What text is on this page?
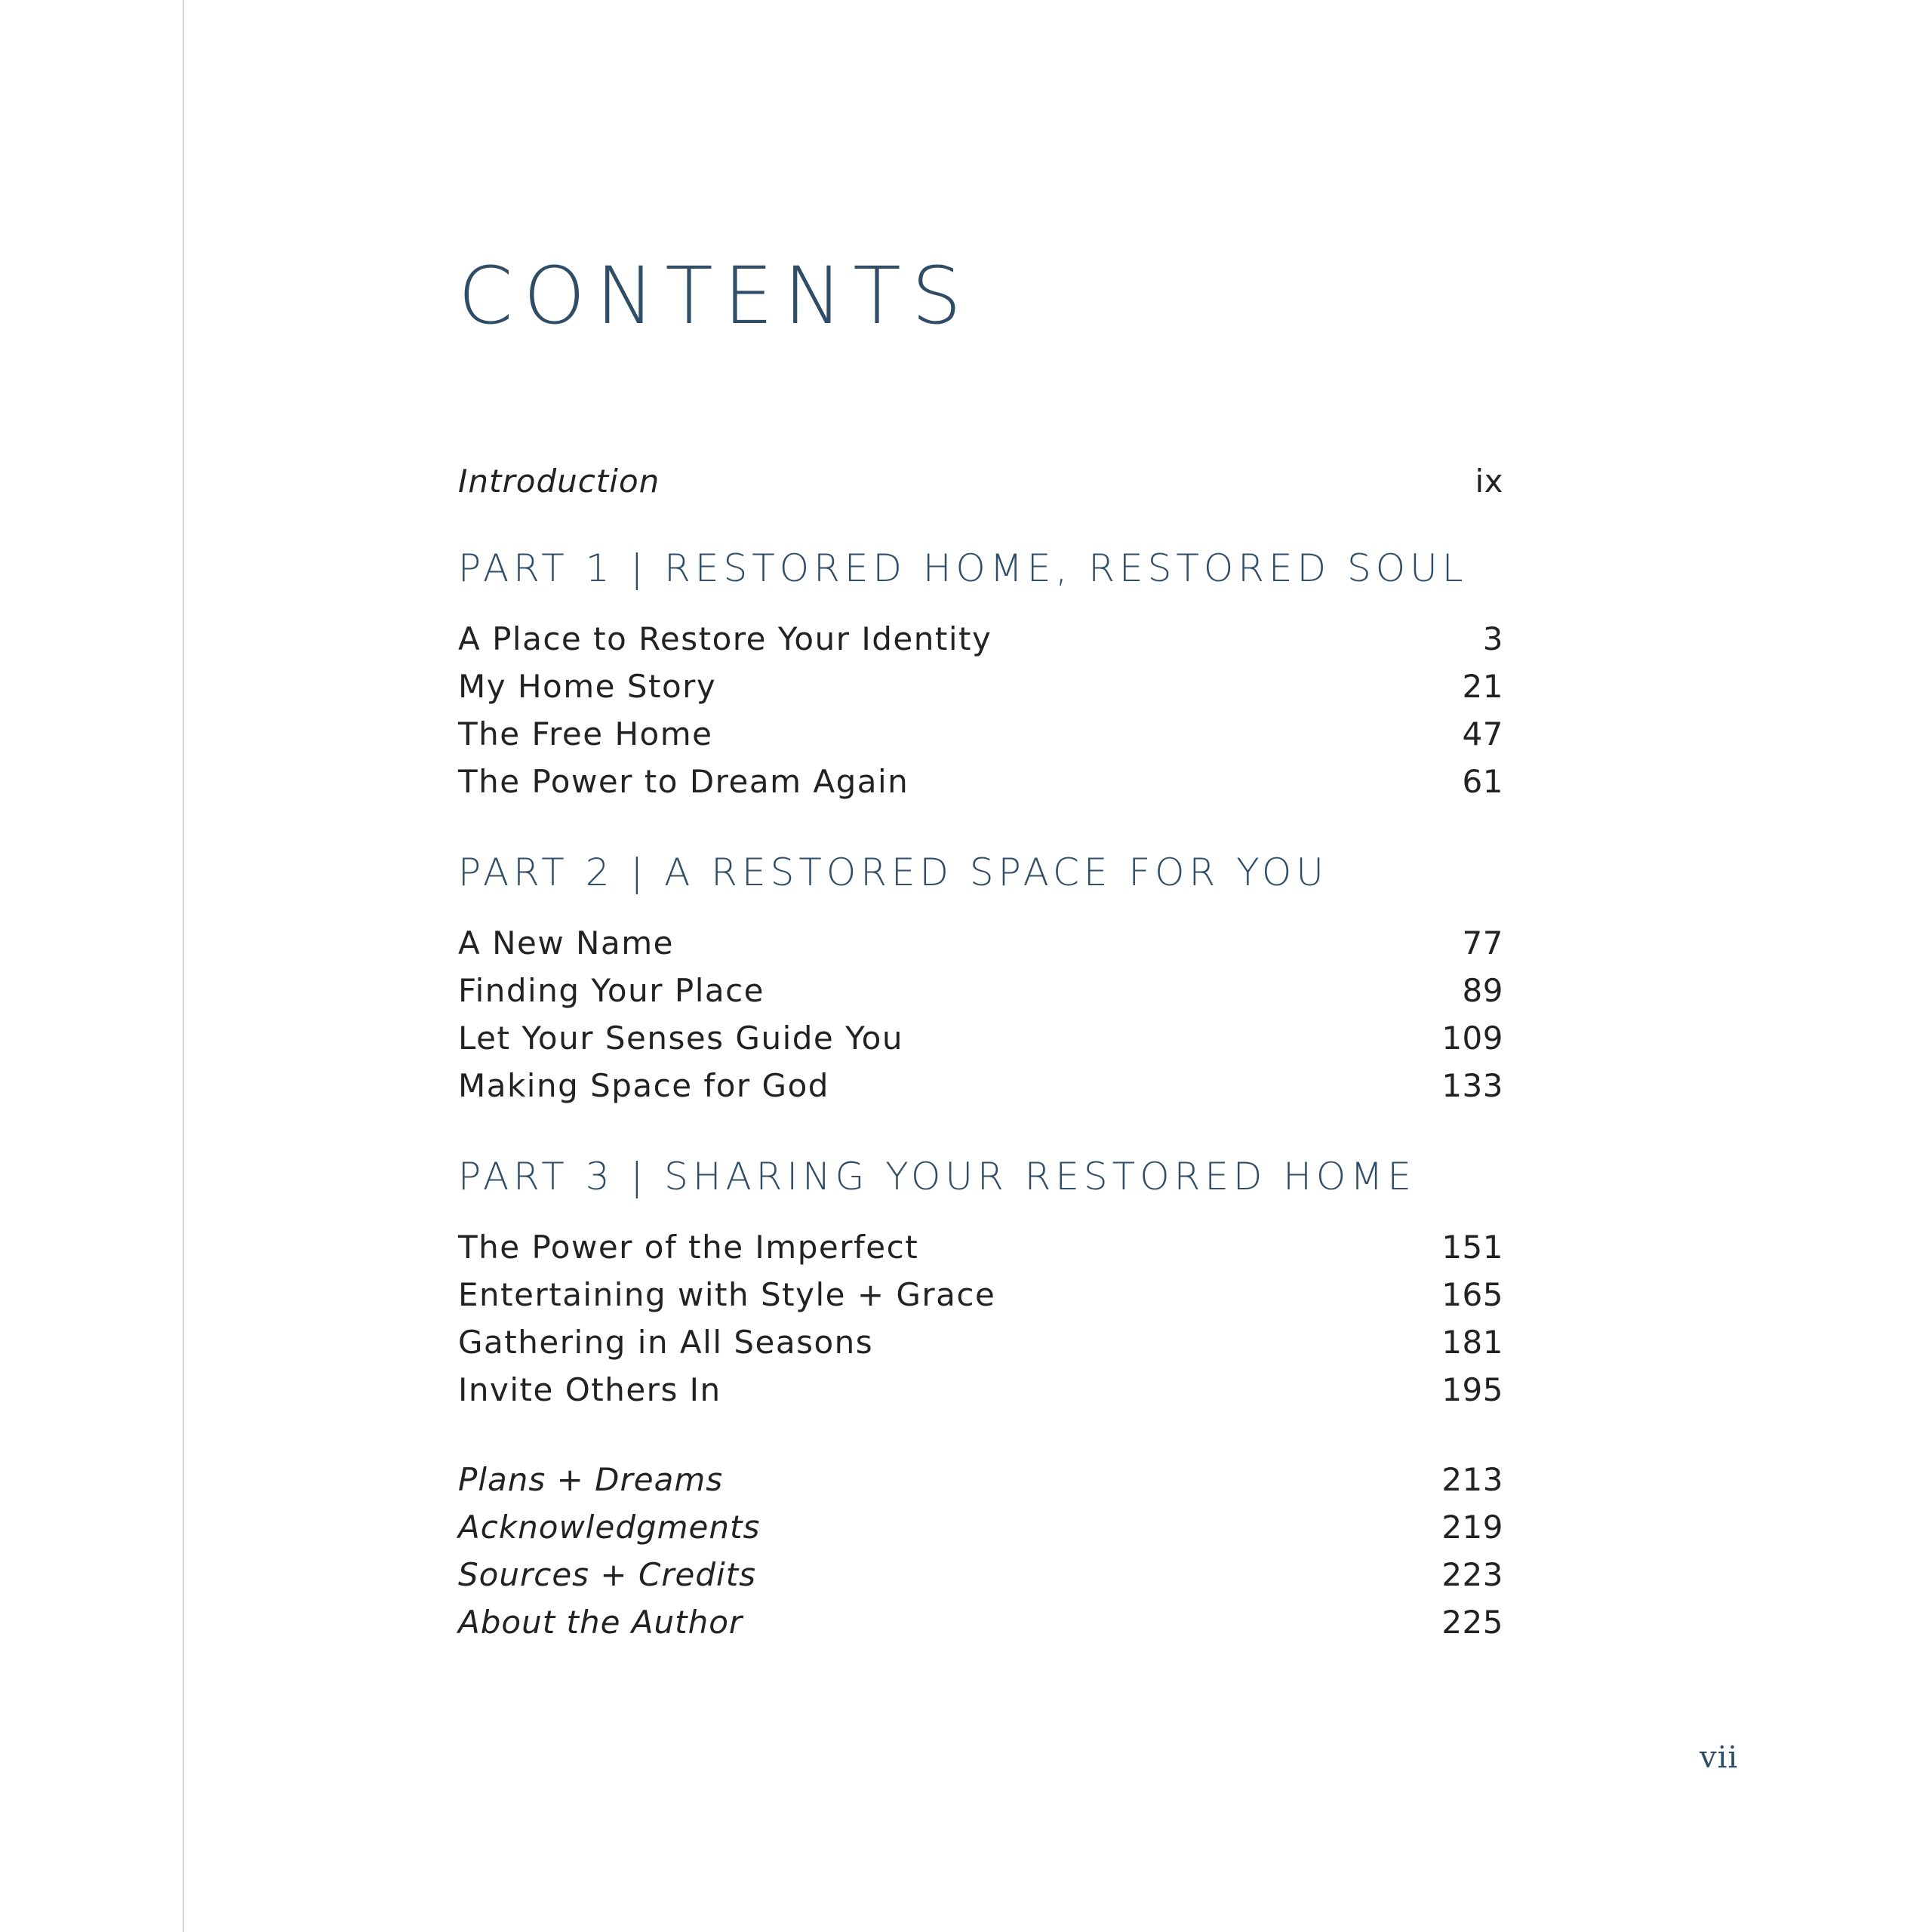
CONTENTS
Introduction	ix
PART 1 | RESTORED HOME, RESTORED SOUL
A Place to Restore Your Identity	3
My Home Story	21
The Free Home	47
The Power to Dream Again	61
PART 2 | A RESTORED SPACE FOR YOU
A New Name	77
Finding Your Place	89
Let Your Senses Guide You	109
Making Space for God	133
PART 3 | SHARING YOUR RESTORED HOME
The Power of the Imperfect	151
Entertaining with Style + Grace	165
Gathering in All Seasons	181
Invite Others In	195
Plans + Dreams	213
Acknowledgments	219
Sources + Credits	223
About the Author	225
vii
